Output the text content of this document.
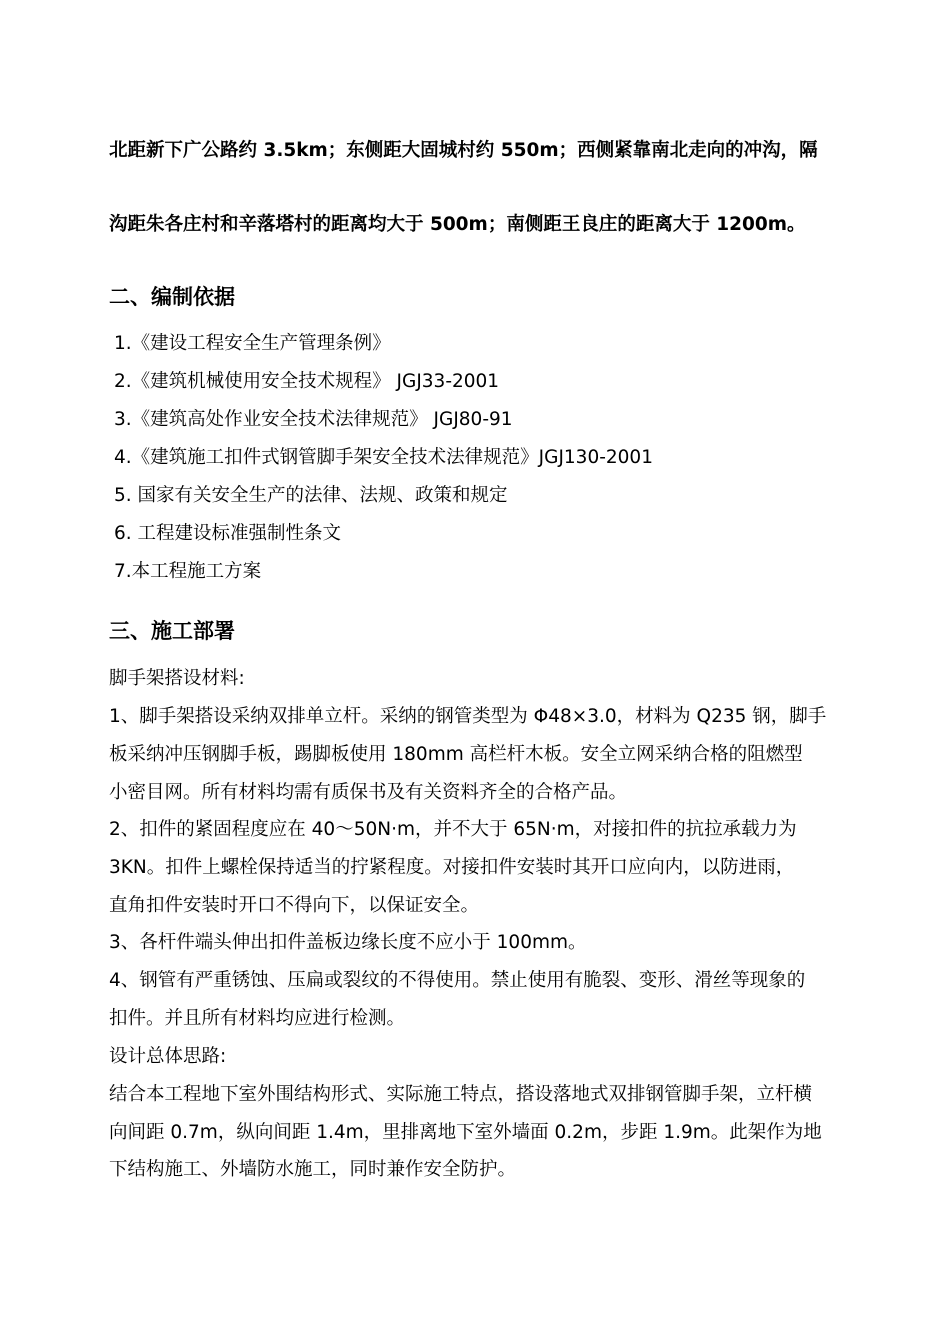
北距新下广公路约 3.5km；东侧距大固城村约 550m；西侧紧靠南北走向的冲沟，隔

沟距朱各庄村和辛落塔村的距离均大于 500m；南侧距王良庄的距离大于 1200m。

二、编制依据

1.《建设工程安全生产管理条例》

2.《建筑机械使用安全技术规程》 JGJ33-2001

3.《建筑高处作业安全技术法律规范》 JGJ80-91

4.《建筑施工扣件式钢管脚手架安全技术法律规范》JGJ130-2001

5. 国家有关安全生产的法律、法规、政策和规定

6. 工程建设标准强制性条文

7.本工程施工方案

三、施工部署

脚手架搭设材料:

1、脚手架搭设采纳双排单立杆。采纳的钢管类型为 Φ48×3.0，材料为 Q235 钢，脚手

板采纳冲压钢脚手板，踢脚板使用 180mm 高栏杆木板。安全立网采纳合格的阻燃型

小密目网。所有材料均需有质保书及有关资料齐全的合格产品。

2、扣件的紧固程度应在 40～50N·m，并不大于 65N·m，对接扣件的抗拉承载力为

3KN。扣件上螺栓保持适当的拧紧程度。对接扣件安装时其开口应向内，以防进雨，

直角扣件安装时开口不得向下，以保证安全。

3、各杆件端头伸出扣件盖板边缘长度不应小于 100mm。

4、钢管有严重锈蚀、压扁或裂纹的不得使用。禁止使用有脆裂、变形、滑丝等现象的

扣件。并且所有材料均应进行检测。

设计总体思路:

结合本工程地下室外围结构形式、实际施工特点，搭设落地式双排钢管脚手架，立杆横

向间距 0.7m，纵向间距 1.4m，里排离地下室外墙面 0.2m，步距 1.9m。此架作为地

下结构施工、外墙防水施工，同时兼作安全防护。
